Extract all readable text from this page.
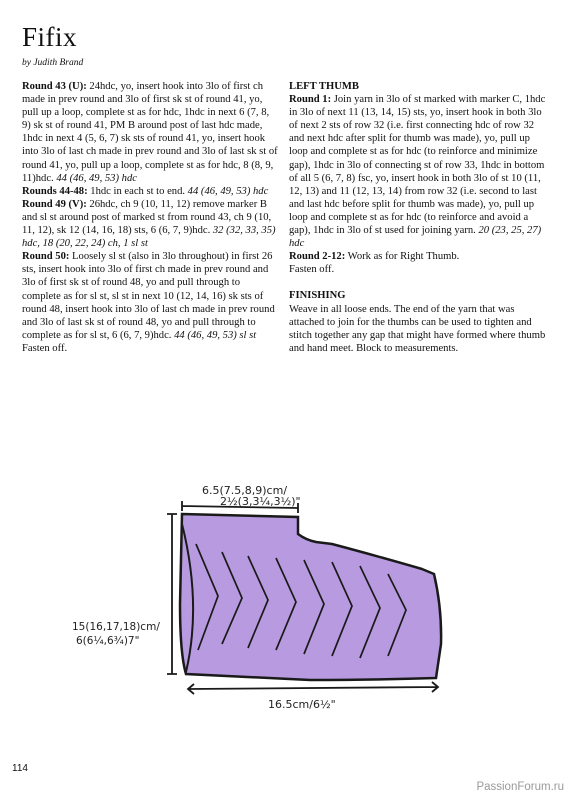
Fifix
by Judith Brand

Round 43 (U): 24hdc, yo, insert hook into 3lo of first ch made in prev round and 3lo of first sk st of round 41, yo, pull up a loop, complete st as for hdc, 1hdc in next 6 (7, 8, 9) sk st of round 41, PM B around post of last hdc made, 1hdc in next 4 (5, 6, 7) sk sts of round 41, yo, insert hook into 3lo of last ch made in prev round and 3lo of last sk st of round 41, yo, pull up a loop, complete st as for hdc, 8 (8, 9, 11)hdc. 44 (46, 49, 53) hdc

Rounds 44-48: 1hdc in each st to end. 44 (46, 49, 53) hdc

Round 49 (V): 26hdc, ch 9 (10, 11, 12) remove marker B and sl st around post of marked st from round 43, ch 9 (10, 11, 12), sk 12 (14, 16, 18) sts, 6 (6, 7, 9)hdc. 32 (32, 33, 35) hdc, 18 (20, 22, 24) ch, 1 sl st

Round 50: Loosely sl st (also in 3lo throughout) in first 26 sts, insert hook into 3lo of first ch made in prev round and 3lo of first sk st of round 48, yo and pull through to complete as for sl st, sl st in next 10 (12, 14, 16) sk sts of round 48, insert hook into 3lo of last ch made in prev round and 3lo of last sk st of round 48, yo and pull through to complete as for sl st, 6 (6, 7, 9)hdc. 44 (46, 49, 53) sl st

Fasten off.

LEFT THUMB

Round 1: Join yarn in 3lo of st marked with marker C, 1hdc in 3lo of next 11 (13, 14, 15) sts, yo, insert hook in both 3lo of next 2 sts of row 32 (i.e. first connecting hdc of row 32 and next hdc after split for thumb was made), yo, pull up loop and complete st as for hdc (to reinforce and minimize gap), 1hdc in 3lo of connecting st of row 33, 1hdc in bottom of all 5 (6, 7, 8) fsc, yo, insert hook in both 3lo of st 10 (11, 12, 13) and 11 (12, 13, 14) from row 32 (i.e. second to last and last hdc before split for thumb was made), yo, pull up loop and complete st as for hdc (to reinforce and avoid a gap), 1hdc in 3lo of st used for joining yarn. 20 (23, 25, 27) hdc

Round 2-12: Work as for Right Thumb.

Fasten off.

FINISHING

Weave in all loose ends. The end of the yarn that was attached to join for the thumbs can be used to tighten and stitch together any gap that might have formed where thumb and hand meet. Block to measurements.

6.5(7.5,8,9)cm/
2½(3,3¼,3½)"
15(16,17,18)cm/
6(6¼,6¾)7"
16.5cm/6½"
114
PassionForum.ru
